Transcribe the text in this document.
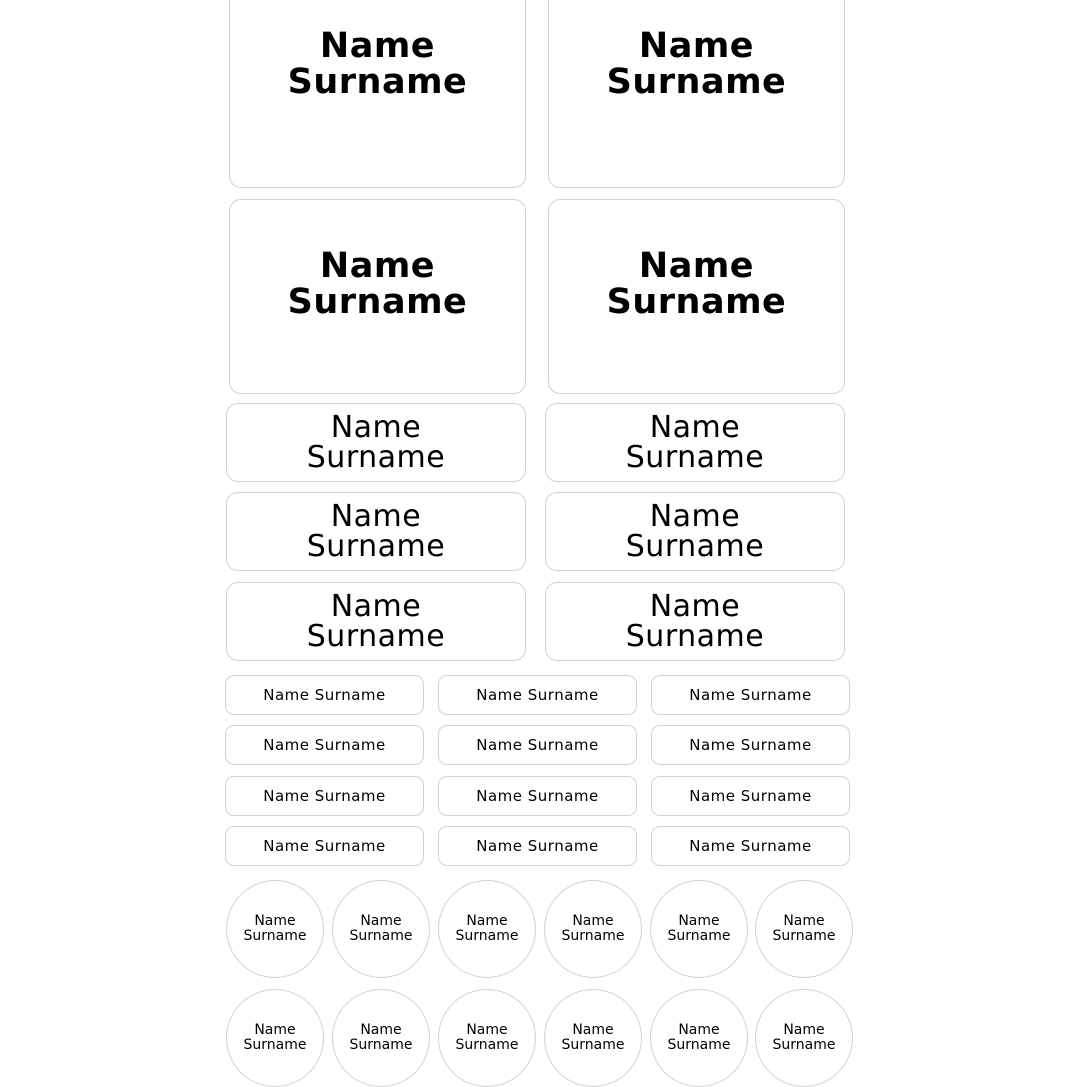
Name
Surname
Name
Surname
Name
Surname
Name
Surname
Name
Surname
Name
Surname
Name
Surname
Name
Surname
Name
Surname
Name
Surname
Name Surname	Name Surname	Name Surname
Name Surname	Name Surname	Name Surname
Name Surname	Name Surname	Name Surname
Name Surname	Name Surname	Name Surname
Name
Surname
Name
Surname
Name
Surname
Name
Surname
Name
Surname
Name
Surname
Name
Surname
Name
Surname
Name
Surname
Name
Surname
Name
Surname
Name
Surname
